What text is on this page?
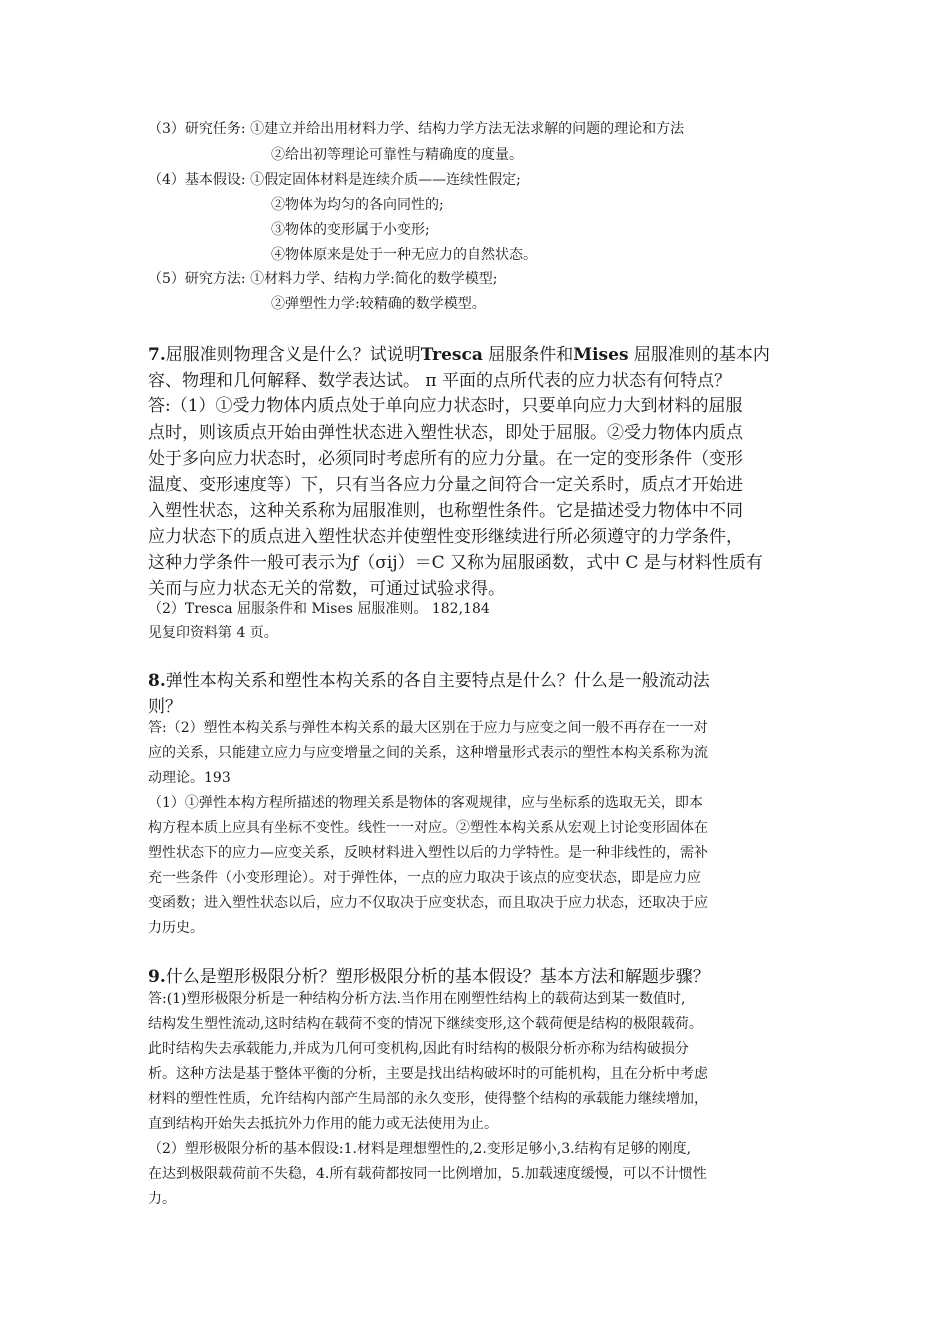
（3）研究任务: ①建立并给出用材料力学、结构力学方法无法求解的问题的理论和方法
②给出初等理论可靠性与精确度的度量。
（4）基本假设: ①假定固体材料是连续介质——连续性假定;
②物体为均匀的各向同性的;
③物体的变形属于小变形;
④物体原来是处于一种无应力的自然状态。
（5）研究方法: ①材料力学、结构力学:简化的数学模型;
②弹塑性力学:较精确的数学模型。
7.屈服准则物理含义是什么？试说明Tresca 屈服条件和Mises 屈服准则的基本内
容、物理和几何解释、数学表达试。 π 平面的点所代表的应力状态有何特点？
答:（1）①受力物体内质点处于单向应力状态时，只要单向应力大到材料的屈服
点时，则该质点开始由弹性状态进入塑性状态，即处于屈服。②受力物体内质点
处于多向应力状态时，必须同时考虑所有的应力分量。在一定的变形条件（变形
温度、变形速度等）下，只有当各应力分量之间符合一定关系时，质点才开始进
入塑性状态，这种关系称为屈服准则，也称塑性条件。它是描述受力物体中不同
应力状态下的质点进入塑性状态并使塑性变形继续进行所必须遵守的力学条件，
这种力学条件一般可表示为ƒ（σij）＝C 又称为屈服函数，式中 C 是与材料性质有
关而与应力状态无关的常数，可通过试验求得。
（2）Tresca 屈服条件和 Mises 屈服准则。 182,184
见复印资料第 4 页。
8.弹性本构关系和塑性本构关系的各自主要特点是什么？什么是一般流动法
则？
答:（2）塑性本构关系与弹性本构关系的最大区别在于应力与应变之间一般不再存在一一对
应的关系，只能建立应力与应变增量之间的关系，这种增量形式表示的塑性本构关系称为流
动理论。193
（1）①弹性本构方程所描述的物理关系是物体的客观规律，应与坐标系的选取无关，即本
构方程本质上应具有坐标不变性。线性一一对应。②塑性本构关系从宏观上讨论变形固体在
塑性状态下的应力—应变关系，反映材料进入塑性以后的力学特性。是一种非线性的，需补
充一些条件（小变形理论）。对于弹性体，一点的应力取决于该点的应变状态，即是应力应
变函数；进入塑性状态以后，应力不仅取决于应变状态，而且取决于应力状态，还取决于应
力历史。
9.什么是塑形极限分析？塑形极限分析的基本假设？基本方法和解题步骤？
答:(1)塑形极限分析是一种结构分析方法.当作用在刚塑性结构上的载荷达到某一数值时,
结构发生塑性流动,这时结构在载荷不变的情况下继续变形,这个载荷便是结构的极限载荷。
此时结构失去承载能力,并成为几何可变机构,因此有时结构的极限分析亦称为结构破损分
析。这种方法是基于整体平衡的分析，主要是找出结构破坏时的可能机构，且在分析中考虑
材料的塑性性质，允许结构内部产生局部的永久变形，使得整个结构的承载能力继续增加，
直到结构开始失去抵抗外力作用的能力或无法使用为止。
（2）塑形极限分析的基本假设:1.材料是理想塑性的,2.变形足够小,3.结构有足够的刚度,
在达到极限载荷前不失稳，4.所有载荷都按同一比例增加，5.加载速度缓慢，可以不计惯性
力。
